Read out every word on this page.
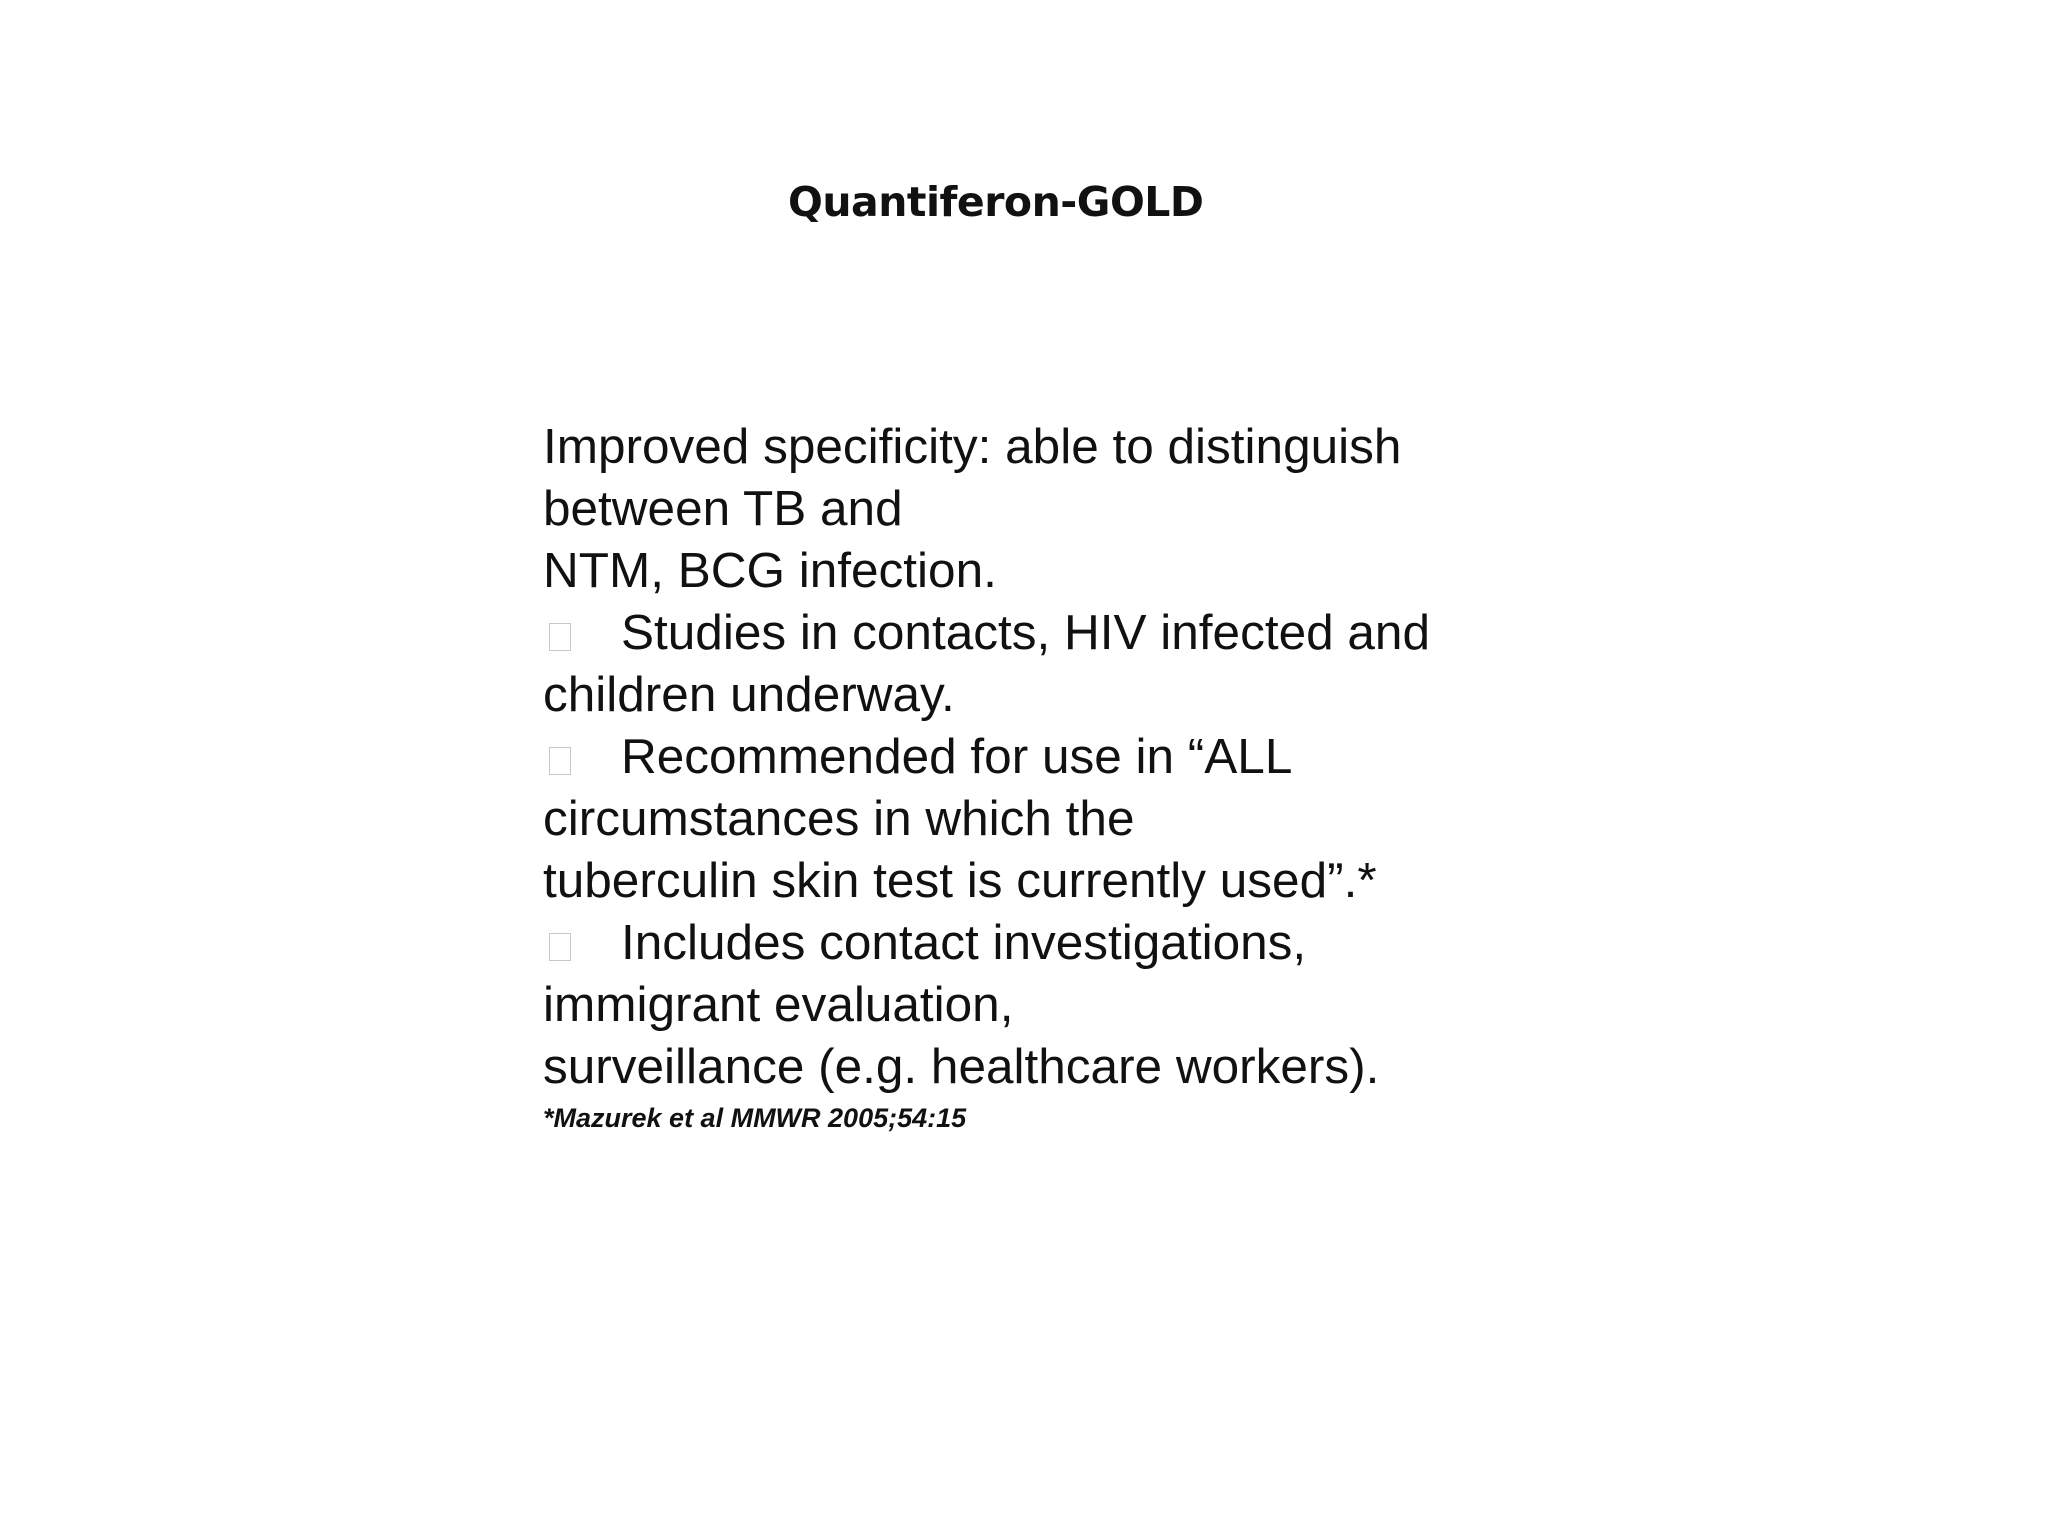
Quantiferon-GOLD
Improved specificity: able to distinguish
between TB and
NTM, BCG infection.
Studies in contacts, HIV infected and
children underway.
Recommended for use in “ALL
circumstances in which the
tuberculin skin test is currently used”.*
Includes contact investigations,
immigrant evaluation,
surveillance (e.g. healthcare workers).
*Mazurek et al MMWR 2005;54:15
